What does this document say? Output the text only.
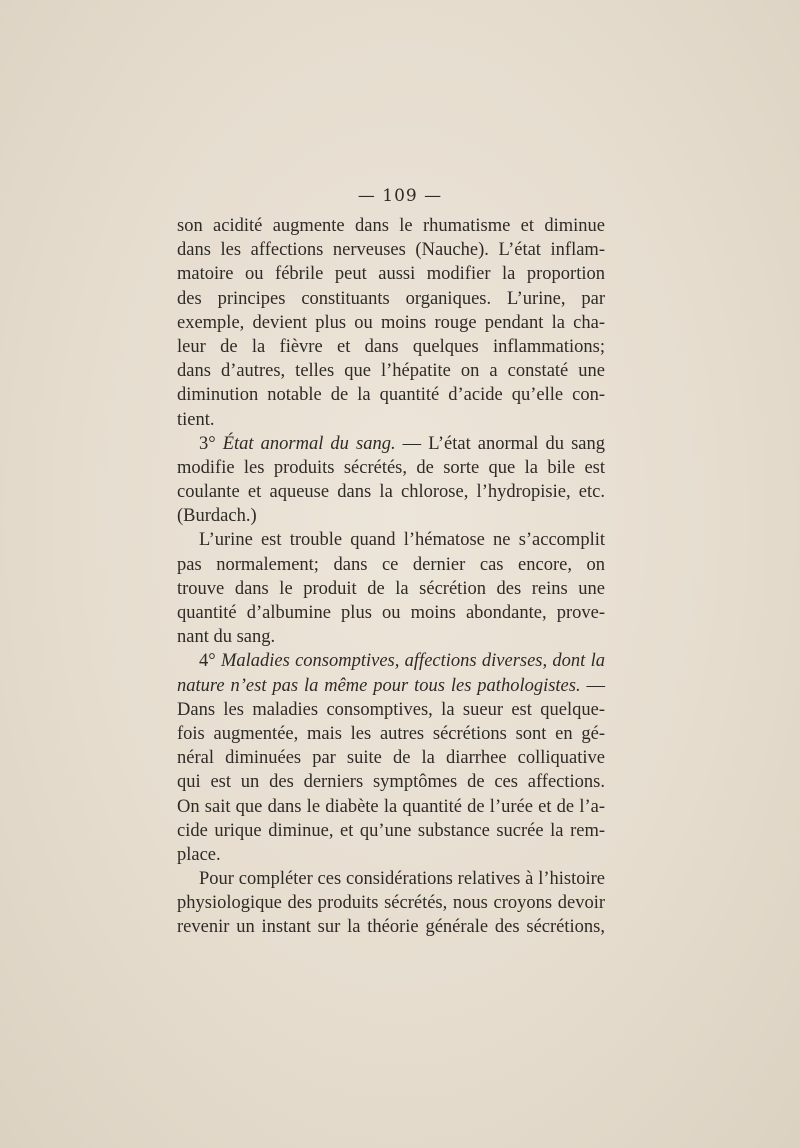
— 109 —
son acidité augmente dans le rhumatisme et diminue
dans les affections nerveuses (Nauche). L’état inflam-
matoire ou fébrile peut aussi modifier la proportion
des principes constituants organiques. L’urine, par
exemple, devient plus ou moins rouge pendant la cha-
leur de la fièvre et dans quelques inflammations;
dans d’autres, telles que l’hépatite on a constaté une
diminution notable de la quantité d’acide qu’elle con-
tient.
3° État anormal du sang. — L’état anormal du sang
modifie les produits sécrétés, de sorte que la bile est
coulante et aqueuse dans la chlorose, l’hydropisie, etc.
(Burdach.)
L’urine est trouble quand l’hématose ne s’accomplit
pas normalement; dans ce dernier cas encore, on
trouve dans le produit de la sécrétion des reins une
quantité d’albumine plus ou moins abondante, prove-
nant du sang.
4° Maladies consomptives, affections diverses, dont la
nature n’est pas la même pour tous les pathologistes. —
Dans les maladies consomptives, la sueur est quelque-
fois augmentée, mais les autres sécrétions sont en gé-
néral diminuées par suite de la diarrhee colliquative
qui est un des derniers symptômes de ces affections.
On sait que dans le diabète la quantité de l’urée et de l’a-
cide urique diminue, et qu’une substance sucrée la rem-
place.
Pour compléter ces considérations relatives à l’histoire
physiologique des produits sécrétés, nous croyons devoir
revenir un instant sur la théorie générale des sécrétions,
